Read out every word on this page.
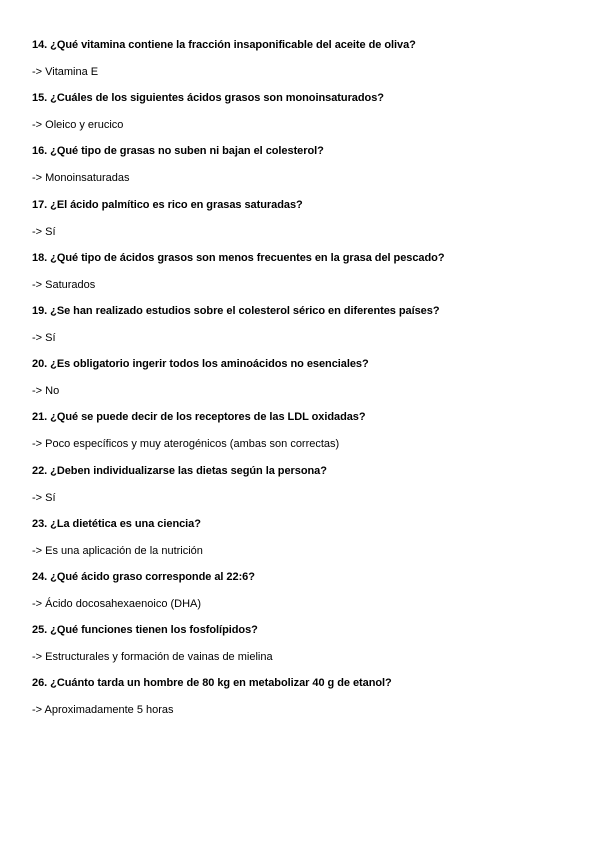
14. ¿Qué vitamina contiene la fracción insaponificable del aceite de oliva?
-> Vitamina E
15. ¿Cuáles de los siguientes ácidos grasos son monoinsaturados?
-> Oleico y erucico
16. ¿Qué tipo de grasas no suben ni bajan el colesterol?
-> Monoinsaturadas
17. ¿El ácido palmítico es rico en grasas saturadas?
-> Sí
18. ¿Qué tipo de ácidos grasos son menos frecuentes en la grasa del pescado?
-> Saturados
19. ¿Se han realizado estudios sobre el colesterol sérico en diferentes países?
-> Sí
20. ¿Es obligatorio ingerir todos los aminoácidos no esenciales?
-> No
21. ¿Qué se puede decir de los receptores de las LDL oxidadas?
-> Poco específicos y muy aterogénicos (ambas son correctas)
22. ¿Deben individualizarse las dietas según la persona?
-> Sí
23. ¿La dietética es una ciencia?
-> Es una aplicación de la nutrición
24. ¿Qué ácido graso corresponde al 22:6?
-> Ácido docosahexaenoico (DHA)
25. ¿Qué funciones tienen los fosfolípidos?
-> Estructurales y formación de vainas de mielina
26. ¿Cuánto tarda un hombre de 80 kg en metabolizar 40 g de etanol?
-> Aproximadamente 5 horas
